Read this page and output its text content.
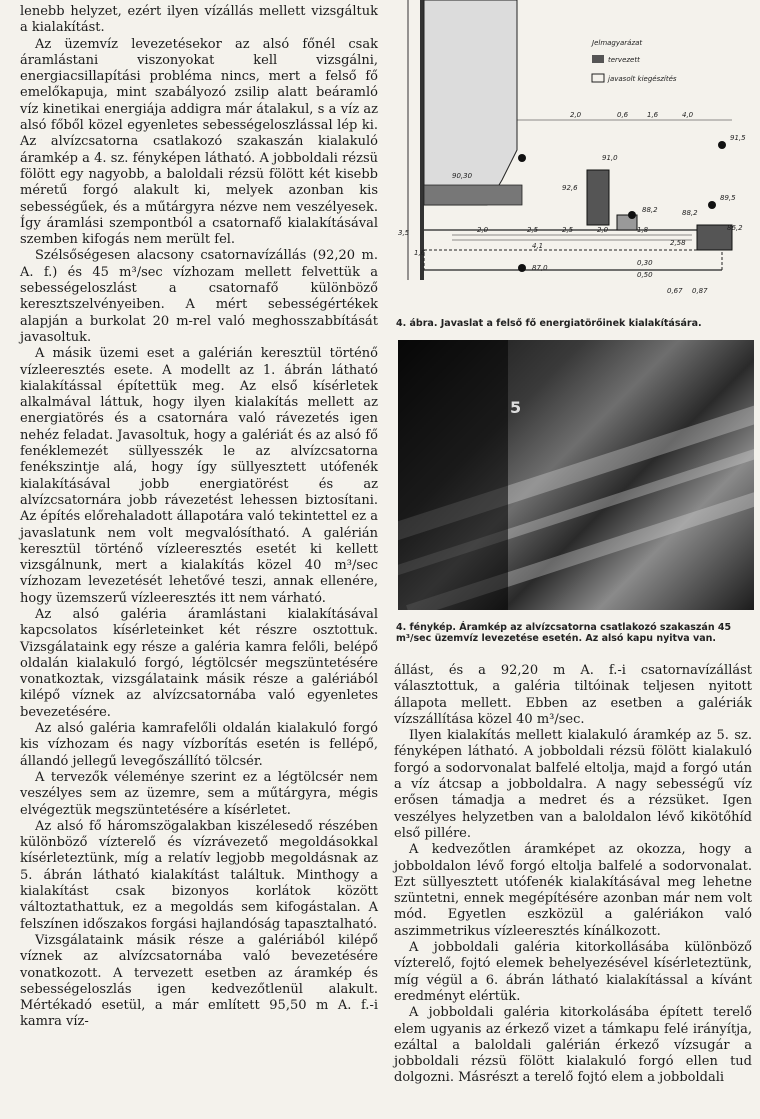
lenebb helyzet, ezért ilyen vízállás mellett vizsgáltuk a kialakítást.

Az üzemvíz levezetésekor az alsó főnél csak áramlástani viszonyokat kell vizsgálni, energiacsillapítási probléma nincs, mert a felső fő emelőkapuja, mint szabályozó zsilip alatt beáramló víz kinetikai energiája addigra már átalakul, s a víz az alsó főből közel egyenletes sebességeloszlással lép ki. Az alvízcsatorna csatlakozó szakaszán kialakuló áramkép a 4. sz. fényképen látható. A jobboldali rézsü fölött egy nagyobb, a baloldali rézsü fölött két kisebb méretű forgó alakult ki, melyek azonban kis sebességűek, és a műtárgyra nézve nem veszélyesek. Így áramlási szempontból a csatornafő kialakításával szemben kifogás nem merült fel.

Szélsőségesen alacsony csatornavízállás (92,20 m. A. f.) és 45 m³/sec vízhozam mellett felvettük a sebességeloszlást a csatornafő különböző keresztszelvényeiben. A mért sebességértékek alapján a burkolat 20 m-rel való meghosszabbítását javasoltuk.

A másik üzemi eset a galérián keresztül történő vízleeresztés esete. A modellt az 1. ábrán látható kialakítással építettük meg. Az első kísérletek alkalmával láttuk, hogy ilyen kialakítás mellett az energiatörés és a csatornára való rávezetés igen nehéz feladat. Javasoltuk, hogy a galériát és az alsó fő fenéklemezét süllyesszék le az alvízcsatorna fenékszintje alá, hogy így süllyesztett utófenék kialakításával jobb energiatörést és az alvízcsatornára jobb rávezetést lehessen biztosítani. Az építés előrehaladott állapotára való tekintettel ez a javaslatunk nem volt megvalósítható. A galérián keresztül történő vízleeresztés esetét ki kellett vizsgálnunk, mert a kialakítás közel 40 m³/sec vízhozam levezetését lehetővé teszi, annak ellenére, hogy üzemszerű vízleeresztés itt nem várható.

Az alsó galéria áramlástani kialakításával kapcsolatos kísérleteinket két részre osztottuk. Vizsgálataink egy része a galéria kamra felőli, belépő oldalán kialakuló forgó, légtölcsér megszüntetésére vonatkoztak, vizsgálataink másik része a galériából kilépő víznek az alvízcsatornába való egyenletes bevezetésére.

Az alsó galéria kamrafelőli oldalán kialakuló forgó kis vízhozam és nagy vízborítás esetén is fellépő, állandó jellegű levegőszállító tölcsér.

A tervezők véleménye szerint ez a légtölcsér nem veszélyes sem az üzemre, sem a műtárgyra, mégis elvégeztük megszüntetésére a kísérletet.

Az alsó fő háromszögalakban kiszélesedő részében különböző vízterelő és vízrávezető megoldásokkal kísérleteztünk, míg a relatív legjobb megoldásnak az 5. ábrán látható kialakítást találtuk. Minthogy a kialakítást csak bizonyos korlátok között változtathattuk, ez a megoldás sem kifogástalan. A felszínen időszakos forgási hajlandóság tapasztalható.

Vizsgálataink másik része a galériából kilépő víznek az alvízcsatornába való bevezetésére vonatkozott. A tervezett esetben az áramkép és sebességeloszlás igen kedvezőtlenül alakult. Mértékadó esetül, a már említett 95,50 m A. f.-i kamra víz-

Jelmagyarázat
tervezett
javasolt kiegészítés
2,0	0,6	1,6	4,0
2,0	2,5	2,5	2,0
4,1
1,8
2,58
0,30
0,50
0,67 0,87
3,5
1,6
91,5
91,0
90,30
89,5
88,2
87,0
86,2
88,2
92,6
4. ábra. Javaslat a felső fő energiatörőinek kialakítására.
5
4. fénykép. Áramkép az alvízcsatorna csatlakozó szakaszán 45 m³/sec üzemvíz levezetése esetén. Az alsó kapu nyitva van.

állást, és a 92,20 m A. f.-i csatornavízállást választottuk, a galéria tiltóinak teljesen nyitott állapota mellett. Ebben az esetben a galériák vízszállítása közel 40 m³/sec.

Ilyen kialakítás mellett kialakuló áramkép az 5. sz. fényképen látható. A jobboldali rézsü fölött kialakuló forgó a sodorvonalat balfelé eltolja, majd a forgó után a víz átcsap a jobboldalra. A nagy sebességű víz erősen támadja a medret és a rézsüket. Igen veszélyes helyzetben van a baloldalon lévő kikötőhíd első pillére.

A kedvezőtlen áramképet az okozza, hogy a jobboldalon lévő forgó eltolja balfelé a sodorvonalat. Ezt süllyesztett utófenék kialakításával meg lehetne szüntetni, ennek megépítésére azonban már nem volt mód. Egyetlen eszközül a galériákon való aszimmetrikus vízleeresztés kínálkozott.

A jobboldali galéria kitorkollásába különböző vízterelő, fojtó elemek behelyezésével kísérleteztünk, míg végül a 6. ábrán látható kialakítással a kívánt eredményt elértük.

A jobboldali galéria kitorkolásába épített terelő elem ugyanis az érkező vizet a támkapu felé irányítja, ezáltal a baloldali galérián érkező vízsugár a jobboldali rézsü fölött kialakuló forgó ellen tud dolgozni. Másrészt a terelő fojtó elem a jobboldali
